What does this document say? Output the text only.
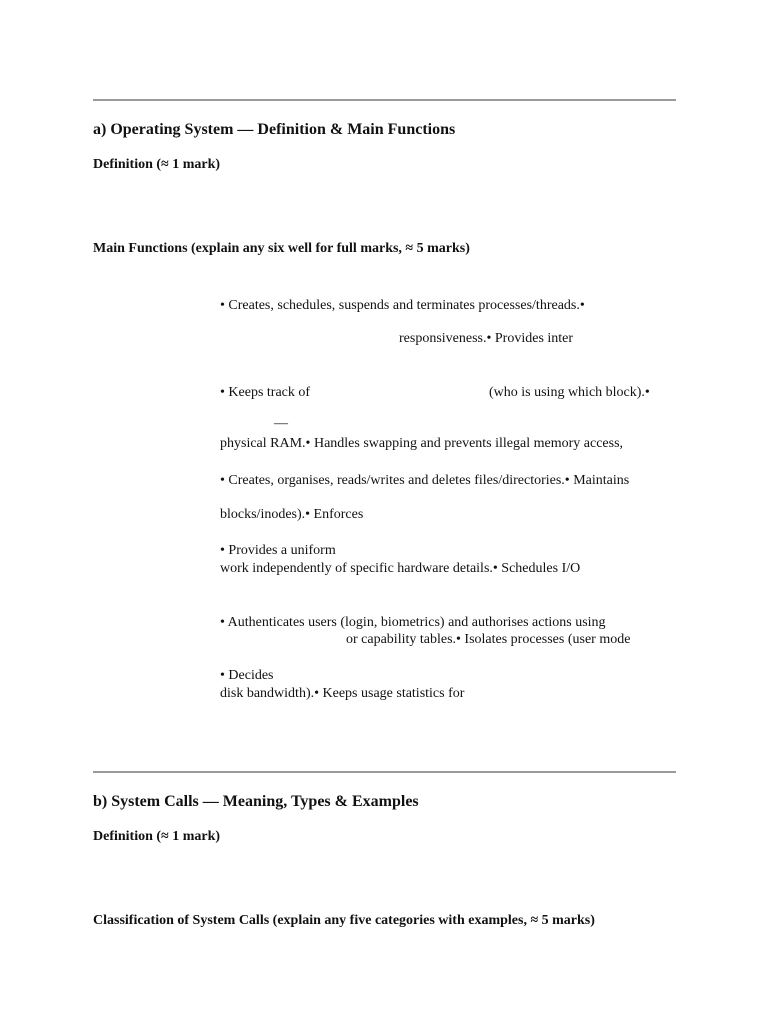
a) Operating System — Definition & Main Functions
Definition (≈ 1 mark)
Main Functions (explain any six well for full marks, ≈ 5 marks)
• Creates, schedules, suspends and terminates processes/threads.•
responsiveness.• Provides inter
• Keeps track of	(who is using which block).•
—
physical RAM.• Handles swapping and prevents illegal memory access,
• Creates, organises, reads/writes and deletes files/directories.• Maintains
blocks/inodes).• Enforces
• Provides a uniform
work independently of specific hardware details.• Schedules I/O
• Authenticates users (login, biometrics) and authorises actions using
or capability tables.• Isolates processes (user mode
• Decides
disk bandwidth).• Keeps usage statistics for
b) System Calls — Meaning, Types & Examples
Definition (≈ 1 mark)
Classification of System Calls (explain any five categories with examples, ≈ 5 marks)
